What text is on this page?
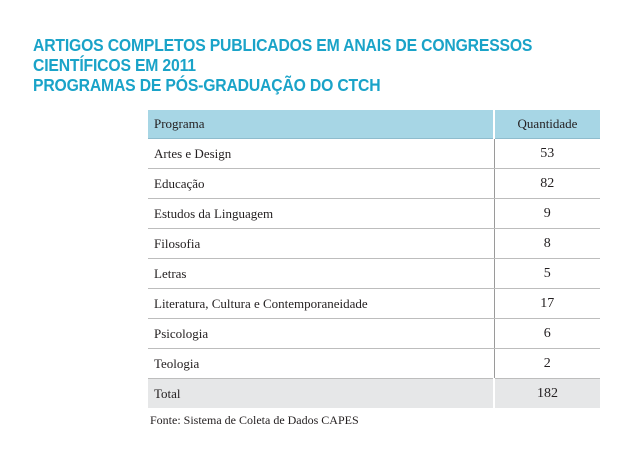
ARTIGOS COMPLETOS PUBLICADOS EM ANAIS DE CONGRESSOS
CIENTÍFICOS EM 2011
PROGRAMAS DE PÓS-GRADUAÇÃO DO CTCH
Programa	Quantidade
Artes e Design	53
Educação	82
Estudos da Linguagem	9
Filosofia	8
Letras	5
Literatura, Cultura e Contemporaneidade	17
Psicologia	6
Teologia	2
Total	182
Fonte: Sistema de Coleta de Dados CAPES
